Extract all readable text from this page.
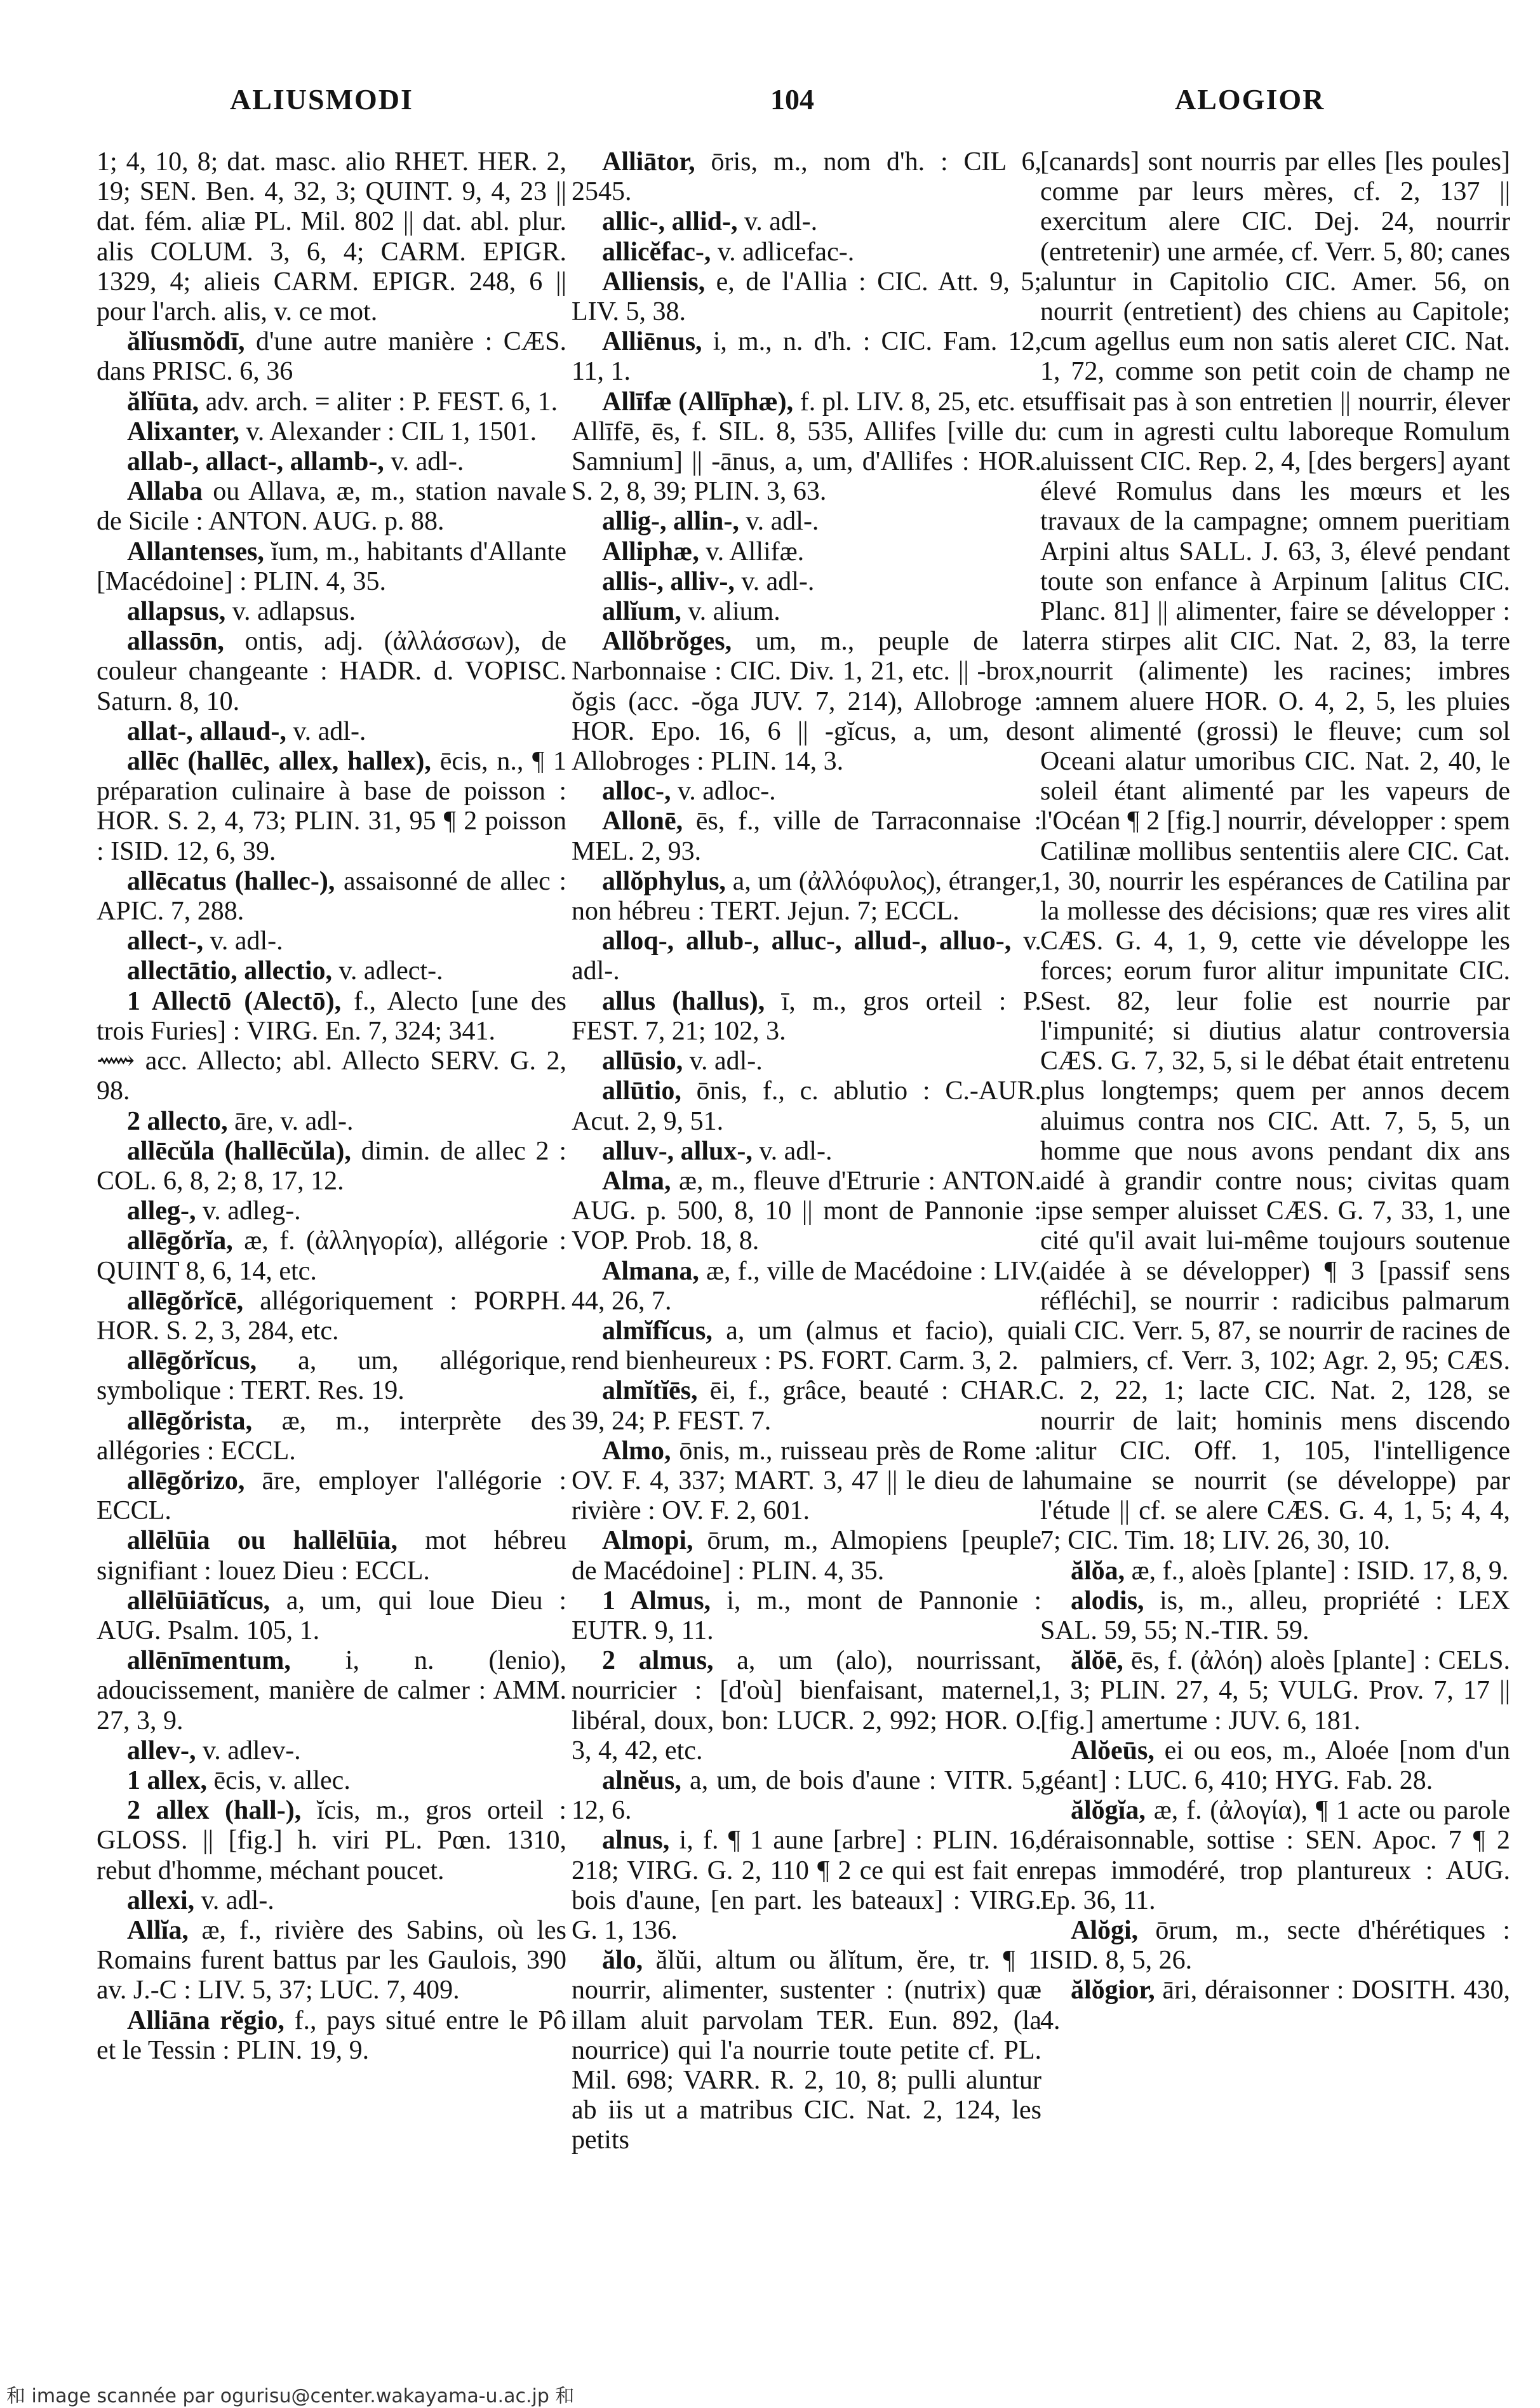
ALIUSMODI	104	ALOGIOR

1; 4, 10, 8; dat. masc. alio RHET. HER. 2, 19; SEN. Ben. 4, 32, 3; QUINT. 9, 4, 23 || dat. fém. aliæ PL. Mil. 802 || dat. abl. plur. alis COLUM. 3, 6, 4; CARM. EPIGR. 1329, 4; alieis CARM. EPIGR. 248, 6 || pour l'arch. alis, v. ce mot.

ălĭusmŏdī, d'une autre manière : CÆS. dans PRISC. 6, 36

ălĭūta, adv. arch. = aliter : P. FEST. 6, 1.

Alixanter, v. Alexander : CIL 1, 1501.

allab-, allact-, allamb-, v. adl-.

Allaba ou Allava, æ, m., station navale de Sicile : ANTON. AUG. p. 88.

Allantenses, ĭum, m., habitants d'Allante [Macédoine] : PLIN. 4, 35.

allapsus, v. adlapsus.

allassōn, ontis, adj. (ἀλλάσσων), de couleur changeante : HADR. d. VOPISC. Saturn. 8, 10.

allat-, allaud-, v. adl-.

allēc (hallēc, allex, hallex), ēcis, n., ¶ 1 préparation culinaire à base de poisson : HOR. S. 2, 4, 73; PLIN. 31, 95 ¶ 2 poisson : ISID. 12, 6, 39.

allēcatus (hallec-), assaisonné de allec : APIC. 7, 288.

allect-, v. adl-.

allectātio, allectio, v. adlect-.

1 Allectō (Alectō), f., Alecto [une des trois Furies] : VIRG. En. 7, 324; 341.

⟿ acc. Allecto; abl. Allecto SERV. G. 2, 98.

2 allecto, āre, v. adl-.

allēcŭla (hallēcŭla), dimin. de allec 2 : COL. 6, 8, 2; 8, 17, 12.

alleg-, v. adleg-.

allēgŏrĭa, æ, f. (ἀλληγορία), allégorie : QUINT 8, 6, 14, etc.

allēgŏrĭcē, allégoriquement : PORPH. HOR. S. 2, 3, 284, etc.

allēgŏrĭcus, a, um, allégorique, symbolique : TERT. Res. 19.

allēgŏrista, æ, m., interprète des allégories : ECCL.

allēgŏrizo, āre, employer l'allégorie : ECCL.

allēlūia ou hallēlūia, mot hébreu signifiant : louez Dieu : ECCL.

allēlūiātĭcus, a, um, qui loue Dieu : AUG. Psalm. 105, 1.

allēnīmentum, i, n. (lenio), adoucissement, manière de calmer : AMM. 27, 3, 9.

allev-, v. adlev-.

1 allex, ēcis, v. allec.

2 allex (hall-), ĭcis, m., gros orteil : GLOSS. || [fig.] h. viri PL. Pœn. 1310, rebut d'homme, méchant poucet.

allexi, v. adl-.

Allĭa, æ, f., rivière des Sabins, où les Romains furent battus par les Gaulois, 390 av. J.-C : LIV. 5, 37; LUC. 7, 409.

Alliāna rĕgio, f., pays situé entre le Pô et le Tessin : PLIN. 19, 9.

Alliātor, ōris, m., nom d'h. : CIL 6, 2545.

allic-, allid-, v. adl-.

allicĕfac-, v. adlicefac-.

Alliensis, e, de l'Allia : CIC. Att. 9, 5; LIV. 5, 38.

Alliēnus, i, m., n. d'h. : CIC. Fam. 12, 11, 1.

Allīfæ (Allīphæ), f. pl. LIV. 8, 25, etc. et Allīfē, ēs, f. SIL. 8, 535, Allifes [ville du Samnium] || -ānus, a, um, d'Allifes : HOR. S. 2, 8, 39; PLIN. 3, 63.

allig-, allin-, v. adl-.

Alliphæ, v. Allifæ.

allis-, alliv-, v. adl-.

allĭum, v. alium.

Allŏbrŏges, um, m., peuple de la Narbonnaise : CIC. Div. 1, 21, etc. || -brox, ŏgis (acc. -ŏga JUV. 7, 214), Allobroge : HOR. Epo. 16, 6 || -gĭcus, a, um, des Allobroges : PLIN. 14, 3.

alloc-, v. adloc-.

Allonē, ēs, f., ville de Tarraconnaise : MEL. 2, 93.

allŏphylus, a, um (ἀλλόφυλος), étranger, non hébreu : TERT. Jejun. 7; ECCL.

alloq-, allub-, alluc-, allud-, alluo-, v. adl-.

allus (hallus), ī, m., gros orteil : P. FEST. 7, 21; 102, 3.

allūsio, v. adl-.

allūtio, ōnis, f., c. ablutio : C.-AUR. Acut. 2, 9, 51.

alluv-, allux-, v. adl-.

Alma, æ, m., fleuve d'Etrurie : ANTON. AUG. p. 500, 8, 10 || mont de Pannonie : VOP. Prob. 18, 8.

Almana, æ, f., ville de Macédoine : LIV. 44, 26, 7.

almĭfĭcus, a, um (almus et facio), qui rend bienheureux : PS. FORT. Carm. 3, 2.

almĭtĭēs, ēi, f., grâce, beauté : CHAR. 39, 24; P. FEST. 7.

Almo, ōnis, m., ruisseau près de Rome : OV. F. 4, 337; MART. 3, 47 || le dieu de la rivière : OV. F. 2, 601.

Almopi, ōrum, m., Almopiens [peuple de Macédoine] : PLIN. 4, 35.

1 Almus, i, m., mont de Pannonie : EUTR. 9, 11.

2 almus, a, um (alo), nourrissant, nourricier : [d'où] bienfaisant, maternel, libéral, doux, bon: LUCR. 2, 992; HOR. O. 3, 4, 42, etc.

alnĕus, a, um, de bois d'aune : VITR. 5, 12, 6.

alnus, i, f. ¶ 1 aune [arbre] : PLIN. 16, 218; VIRG. G. 2, 110 ¶ 2 ce qui est fait en bois d'aune, [en part. les bateaux] : VIRG. G. 1, 136.

ălo, ălŭi, altum ou ălĭtum, ĕre, tr. ¶ 1 nourrir, alimenter, sustenter : (nutrix) quæ illam aluit parvolam TER. Eun. 892, (la nourrice) qui l'a nourrie toute petite cf. PL. Mil. 698; VARR. R. 2, 10, 8; pulli aluntur ab iis ut a matribus CIC. Nat. 2, 124, les petits

[canards] sont nourris par elles [les poules] comme par leurs mères, cf. 2, 137 || exercitum alere CIC. Dej. 24, nourrir (entretenir) une armée, cf. Verr. 5, 80; canes aluntur in Capitolio CIC. Amer. 56, on nourrit (entretient) des chiens au Capitole; cum agellus eum non satis aleret CIC. Nat. 1, 72, comme son petit coin de champ ne suffisait pas à son entretien || nourrir, élever : cum in agresti cultu laboreque Romulum aluissent CIC. Rep. 2, 4, [des bergers] ayant élevé Romulus dans les mœurs et les travaux de la campagne; omnem pueritiam Arpini altus SALL. J. 63, 3, élevé pendant toute son enfance à Arpinum [alitus CIC. Planc. 81] || alimenter, faire se développer : terra stirpes alit CIC. Nat. 2, 83, la terre nourrit (alimente) les racines; imbres amnem aluere HOR. O. 4, 2, 5, les pluies ont alimenté (grossi) le fleuve; cum sol Oceani alatur umoribus CIC. Nat. 2, 40, le soleil étant alimenté par les vapeurs de l'Océan ¶ 2 [fig.] nourrir, développer : spem Catilinæ mollibus sententiis alere CIC. Cat. 1, 30, nourrir les espérances de Catilina par la mollesse des décisions; quæ res vires alit CÆS. G. 4, 1, 9, cette vie développe les forces; eorum furor alitur impunitate CIC. Sest. 82, leur folie est nourrie par l'impunité; si diutius alatur controversia CÆS. G. 7, 32, 5, si le débat était entretenu plus longtemps; quem per annos decem aluimus contra nos CIC. Att. 7, 5, 5, un homme que nous avons pendant dix ans aidé à grandir contre nous; civitas quam ipse semper aluisset CÆS. G. 7, 33, 1, une cité qu'il avait lui-même toujours soutenue (aidée à se développer) ¶ 3 [passif sens réfléchi], se nourrir : radicibus palmarum ali CIC. Verr. 5, 87, se nourrir de racines de palmiers, cf. Verr. 3, 102; Agr. 2, 95; CÆS. C. 2, 22, 1; lacte CIC. Nat. 2, 128, se nourrir de lait; hominis mens discendo alitur CIC. Off. 1, 105, l'intelligence humaine se nourrit (se développe) par l'étude || cf. se alere CÆS. G. 4, 1, 5; 4, 4, 7; CIC. Tim. 18; LIV. 26, 30, 10.

ălŏa, æ, f., aloès [plante] : ISID. 17, 8, 9.

alodis, is, m., alleu, propriété : LEX SAL. 59, 55; N.-TIR. 59.

ălŏē, ēs, f. (ἀλόη) aloès [plante] : CELS. 1, 3; PLIN. 27, 4, 5; VULG. Prov. 7, 17 || [fig.] amertume : JUV. 6, 181.

Alŏeūs, ei ou eos, m., Aloée [nom d'un géant] : LUC. 6, 410; HYG. Fab. 28.

ălŏgĭa, æ, f. (ἀλογία), ¶ 1 acte ou parole déraisonnable, sottise : SEN. Apoc. 7 ¶ 2 repas immodéré, trop plantureux : AUG. Ep. 36, 11.

Alŏgi, ōrum, m., secte d'hérétiques : ISID. 8, 5, 26.

ălŏgior, āri, déraisonner : DOSITH. 430, 4.

和 image scannée par ogurisu@center.wakayama-u.ac.jp 和
